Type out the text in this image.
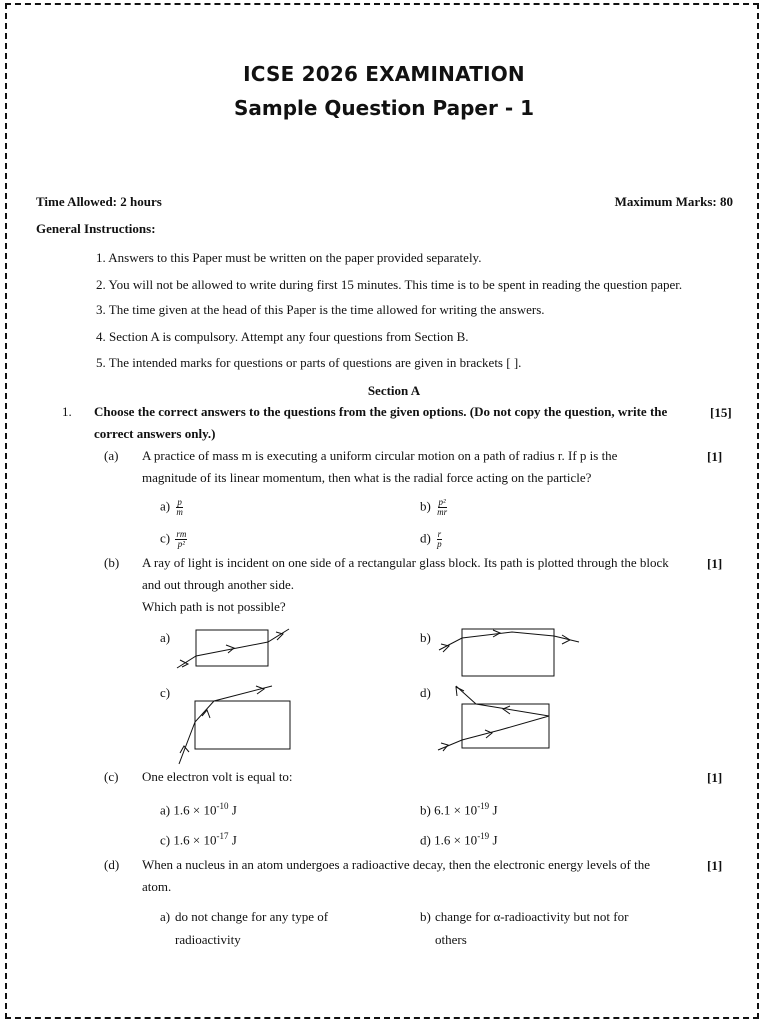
ICSE 2026 EXAMINATION
Sample Question Paper - 1
Time Allowed: 2 hours	Maximum Marks: 80
General Instructions:
1. Answers to this Paper must be written on the paper provided separately.
2. You will not be allowed to write during first 15 minutes. This time is to be spent in reading the question paper.
3. The time given at the head of this Paper is the time allowed for writing the answers.
4. Section A is compulsory. Attempt any four questions from Section B.
5. The intended marks for questions or parts of questions are given in brackets [ ].
Section A
1. Choose the correct answers to the questions from the given options. (Do not copy the question, write the
correct answers only.)
[15]
(a) A practice of mass m is executing a uniform circular motion on a path of radius r. If p is the
magnitude of its linear momentum, then what is the radial force acting on the particle?
[1]
$a) \frac{p}{m}$	$b) \frac{\text{p²}}{mr}$
$c) \frac{rm}{\text{p²}}$	$d) \frac{r}{p}$
(b) A ray of light is incident on one side of a rectangular glass block. Its path is plotted through the block
and out through another side.
Which path is not possible?
[1]
a)	b)
c)	d)
(c) One electron volt is equal to:	[1]
a) $1.6 \times 10^{-10}$ J	b) $6.1 \times 10^{-19}$ J
c) $1.6 \times 10^{-17}$ J	d) $1.6 \times 10^{-19}$ J
(d) When a nucleus in an atom undergoes a radioactive decay, then the electronic energy levels of the
atom.
[1]
a) do not change for any type of
radioactivity
b) change for α-radioactivity but not for
others
